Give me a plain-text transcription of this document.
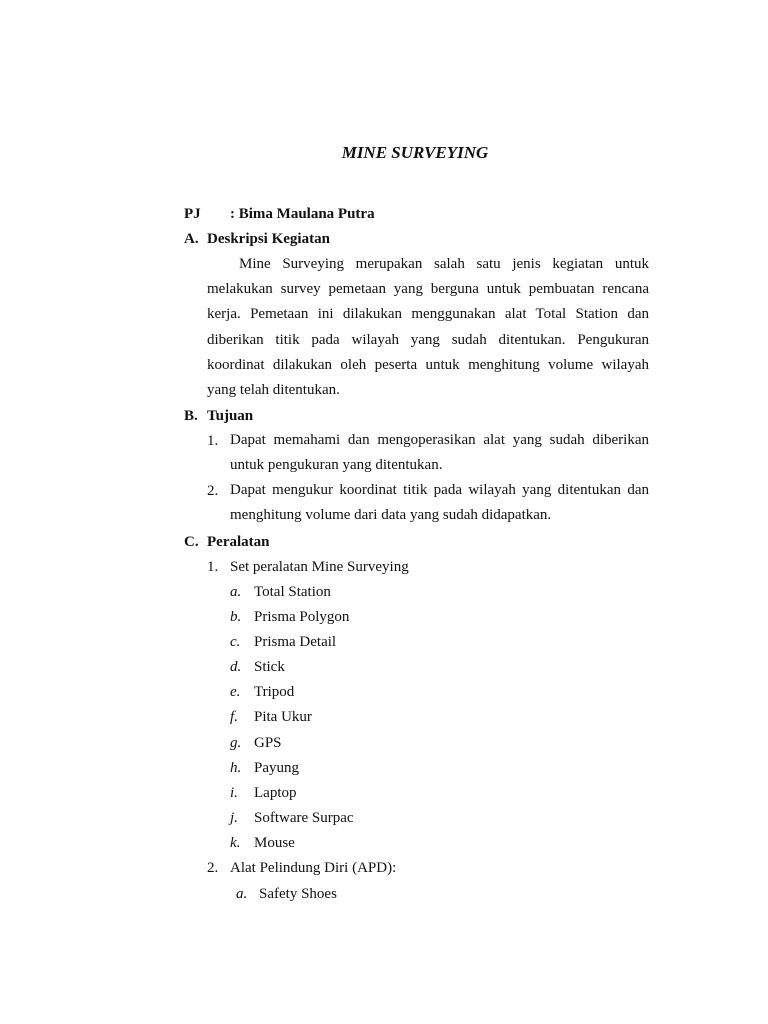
MINE SURVEYING
PJ : Bima Maulana Putra
A. Deskripsi Kegiatan
Mine Surveying merupakan salah satu jenis kegiatan untuk melakukan survey pemetaan yang berguna untuk pembuatan rencana kerja. Pemetaan ini dilakukan menggunakan alat Total Station dan diberikan titik pada wilayah yang sudah ditentukan. Pengukuran koordinat dilakukan oleh peserta untuk menghitung volume wilayah yang telah ditentukan.
B. Tujuan
1. Dapat memahami dan mengoperasikan alat yang sudah diberikan untuk pengukuran yang ditentukan.
2. Dapat mengukur koordinat titik pada wilayah yang ditentukan dan menghitung volume dari data yang sudah didapatkan.
C. Peralatan
1. Set peralatan Mine Surveying
a. Total Station
b. Prisma Polygon
c. Prisma Detail
d. Stick
e. Tripod
f. Pita Ukur
g. GPS
h. Payung
i. Laptop
j. Software Surpac
k. Mouse
2. Alat Pelindung Diri (APD):
a. Safety Shoes
